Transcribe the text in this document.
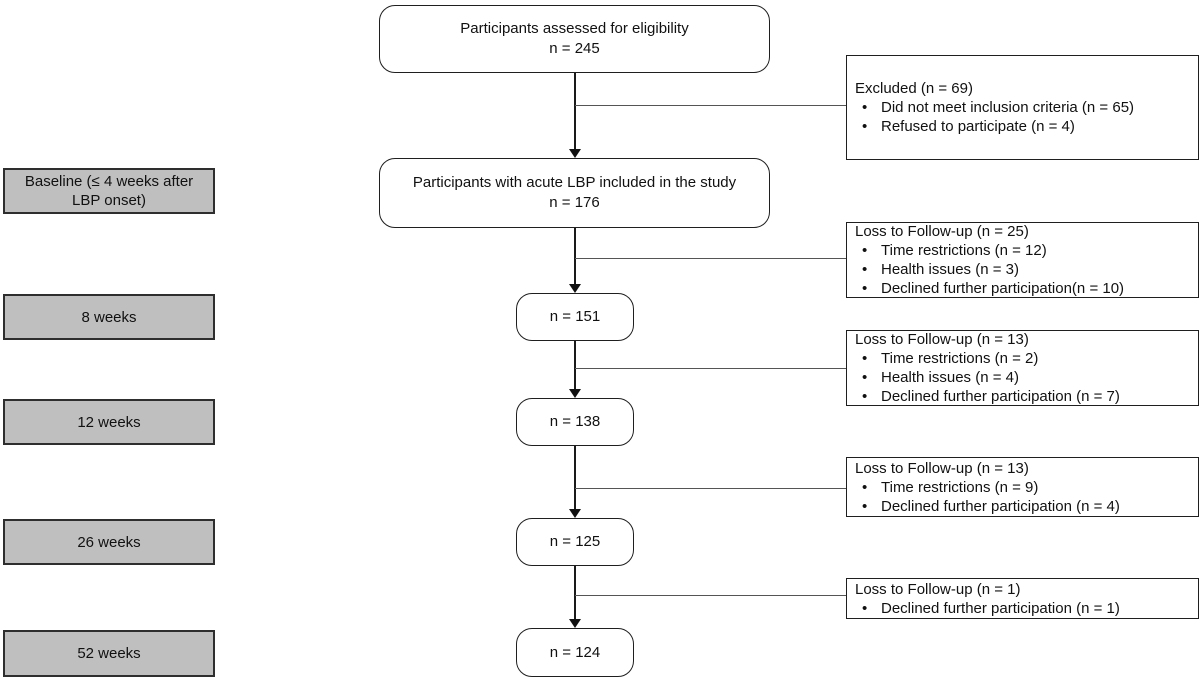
Participants assessed for eligibility
n = 245
Participants with acute LBP included in the study
n = 176
n = 151
n = 138
n = 125
n = 124
Baseline (≤ 4 weeks after LBP onset)
8 weeks
12 weeks
26 weeks
52 weeks
Excluded (n = 69)
• Did not meet inclusion criteria (n = 65)
• Refused to participate (n = 4)
Loss to Follow-up (n = 25)
• Time restrictions (n = 12)
• Health issues (n = 3)
• Declined further participation(n = 10)
Loss to Follow-up (n = 13)
• Time restrictions (n = 2)
• Health issues (n = 4)
• Declined further participation (n = 7)
Loss to Follow-up (n = 13)
• Time restrictions (n = 9)
• Declined further participation (n = 4)
Loss to Follow-up (n = 1)
• Declined further participation (n = 1)
